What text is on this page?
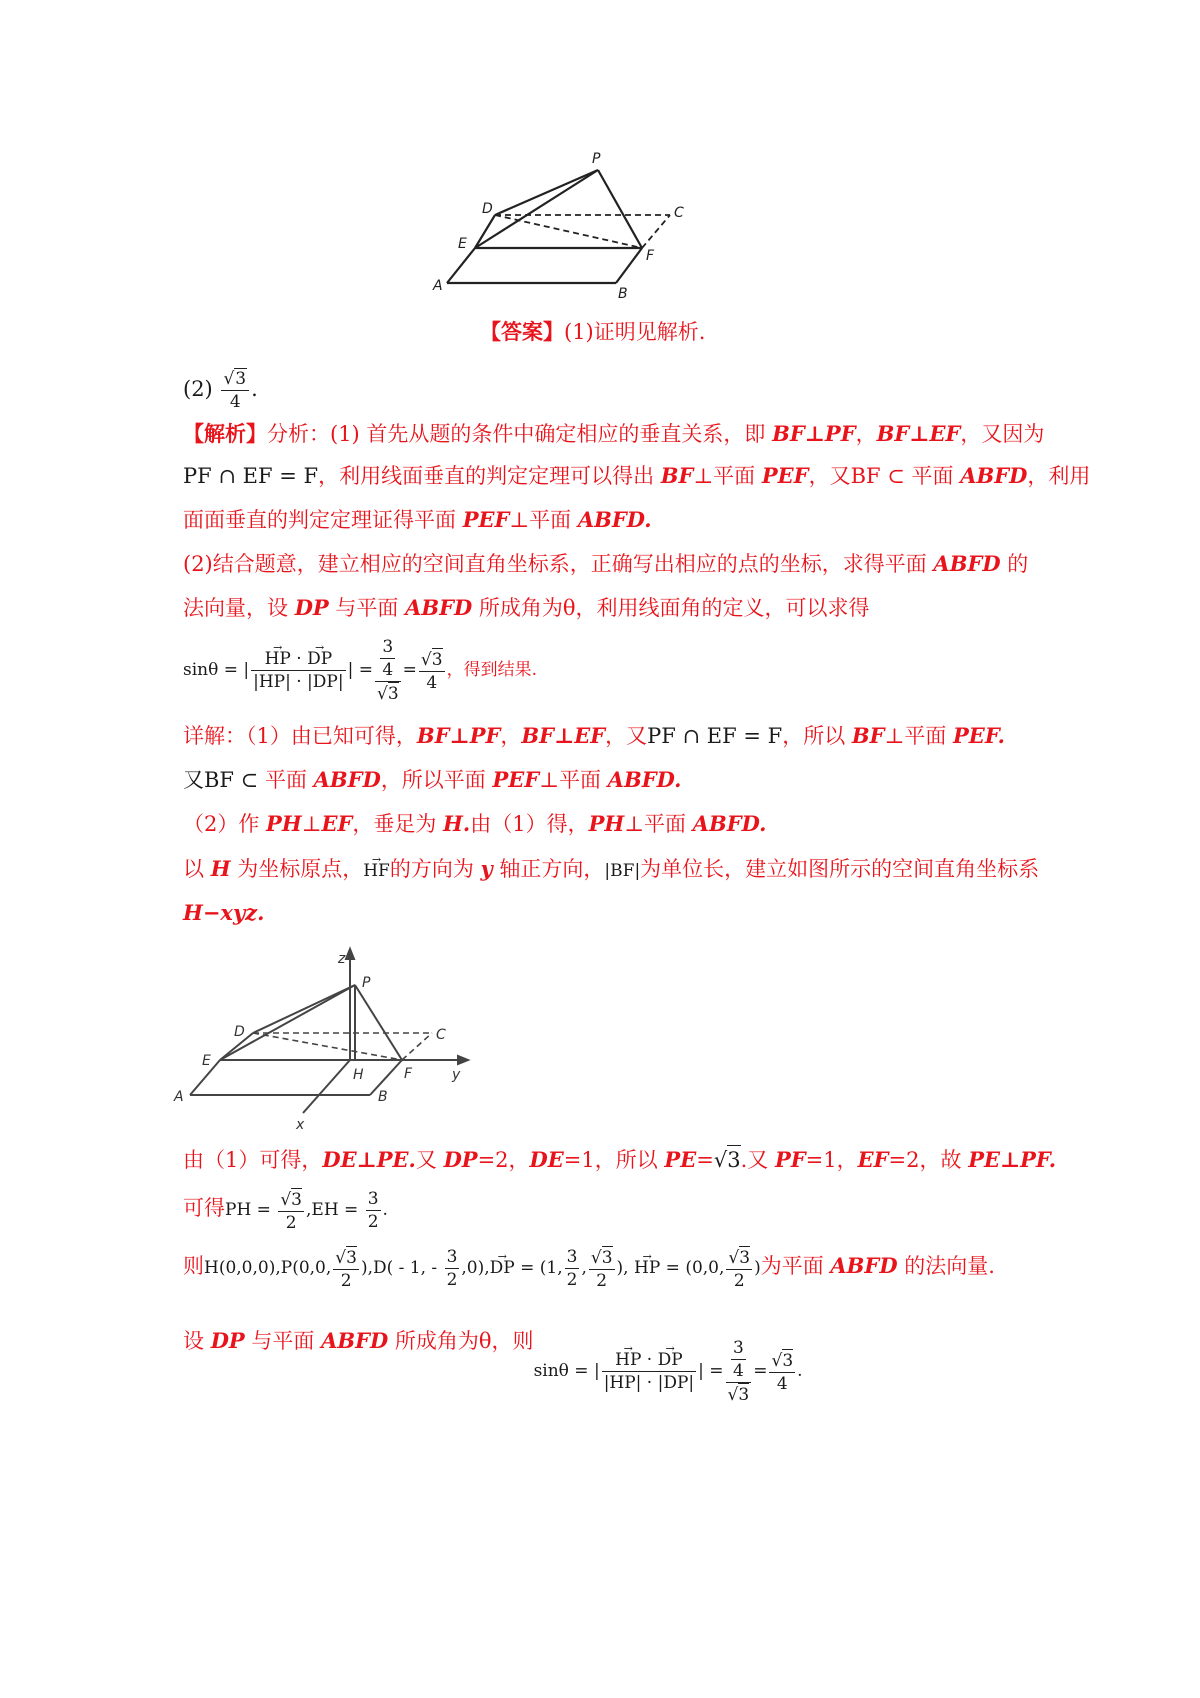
P
D	C
E
F
A	B
【答案】(1)证明见解析.
$(2) \frac{√3}{4}$ .
【解析】分析：(1) 首先从题的条件中确定相应的垂直关系，即 BF⊥PF，BF⊥EF，又因为
PF ∩ EF = F，利用线面垂直的判定定理可以得出 BF⊥平面 PEF，又BF ⊂ 平面 ABFD，利用
面面垂直的判定定理证得平面 PEF⊥平面 ABFD.
(2)结合题意，建立相应的空间直角坐标系，正确写出相应的点的坐标，求得平面 ABFD 的
法向量，设 DP 与平面 ABFD 所成角为θ，利用线面角的定义，可以求得
sinθ = | → $\frac{HP \cdot \to DP}{|HP| \cdot |DP|}$ | = $\frac{\frac{3}{4}}{√3} = \frac{√3}{4}$ ，得到结果.
详解：（1）由已知可得，BF⊥PF，BF⊥EF，又PF ∩ EF = F，所以 BF⊥平面 PEF.
又BF ⊂ 平面 ABFD，所以平面 PEF⊥平面 ABFD.
（2）作 PH⊥EF，垂足为 H.由（1）得，PH⊥平面 ABFD.
以 H 为坐标原点，→ HF的方向为 y 轴正方向，|BF|为单位长，建立如图所示的空间直角坐标系
H−xyz.
z
P
D	C
E
F
H	y
A	B
x
由（1）可得，DE⊥PE.又 DP=2，DE=1，所以 PE=√3.又 PF=1，EF=2，故 PE⊥PF.
可得PH = $\frac{√3}{2} ,EH = \frac{3}{2}$ .
则H(0,0,0),P(0,0, $\frac{√3}{2} ),D( - 1$, - $\frac{3}{2} ,0),\to$ DP = (1, $\frac{3}{2}$ , $\frac{√3}{2}$ ), → HP = (0,0, $\frac{√3}{2}$ )为平面 ABFD 的法向量.
设 DP 与平面 ABFD 所成角为θ，则sinθ = | → $\frac{HP \cdot \to DP}{|HP| \cdot |DP|}$ | = $\frac{\frac{3}{4}}{√3} = \frac{√3}{4}$ .
